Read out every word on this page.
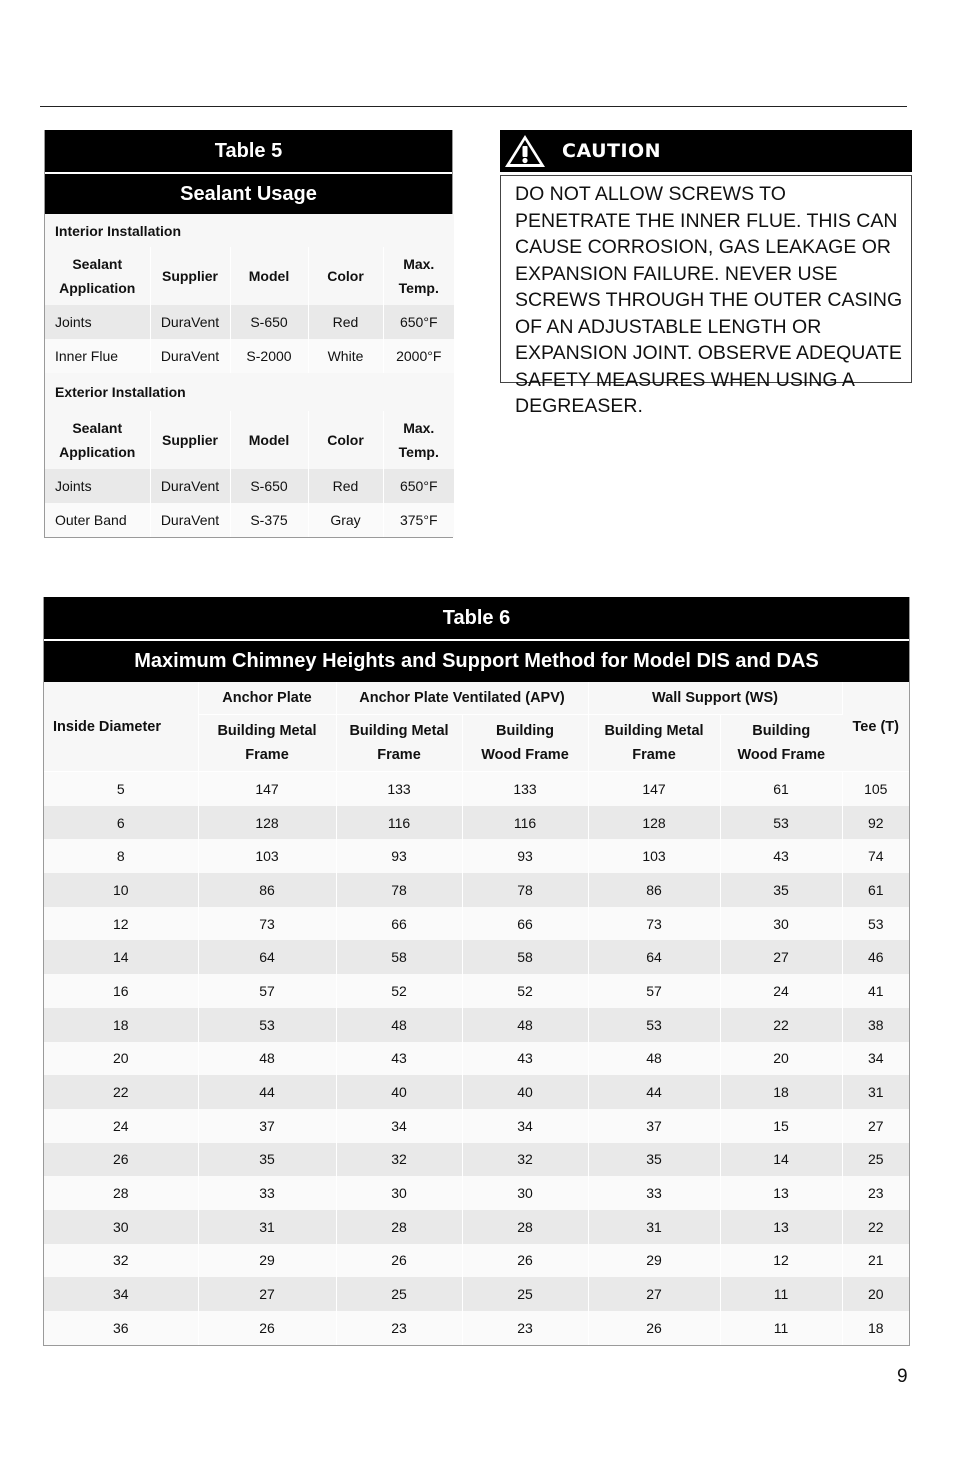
Table 5
Sealant Usage
Interior Installation				
Sealant Application	Supplier	Model	Color	Max. Temp.
Joints	DuraVent	S-650	Red	650°F
Inner Flue	DuraVent	S-2000	White	2000°F
Exterior Installation				
Sealant Application	Supplier	Model	Color	Max. Temp.
Joints	DuraVent	S-650	Red	650°F
Outer Band	DuraVent	S-375	Gray	375°F
CAUTION
DO NOT ALLOW SCREWS TO PENETRATE THE INNER FLUE. THIS CAN CAUSE CORROSION, GAS LEAKAGE OR EXPANSION FAILURE. NEVER USE SCREWS THROUGH THE OUTER CASING OF AN ADJUSTABLE LENGTH OR EXPANSION JOINT. OBSERVE ADEQUATE SAFETY MEASURES WHEN USING A DEGREASER.
Table 6
Maximum Chimney Heights and Support Method for Model DIS and DAS
Inside Diameter	Anchor Plate	Anchor Plate Ventilated (APV)		Wall Support (WS)		Tee (T)
	Building Metal Frame	Building Metal Frame	Building Wood Frame	Building Metal Frame	Building Wood Frame	
5	147	133	133	147	61	105
6	128	116	116	128	53	92
8	103	93	93	103	43	74
10	86	78	78	86	35	61
12	73	66	66	73	30	53
14	64	58	58	64	27	46
16	57	52	52	57	24	41
18	53	48	48	53	22	38
20	48	43	43	48	20	34
22	44	40	40	44	18	31
24	37	34	34	37	15	27
26	35	32	32	35	14	25
28	33	30	30	33	13	23
30	31	28	28	31	13	22
32	29	26	26	29	12	21
34	27	25	25	27	11	20
36	26	23	23	26	11	18
9
